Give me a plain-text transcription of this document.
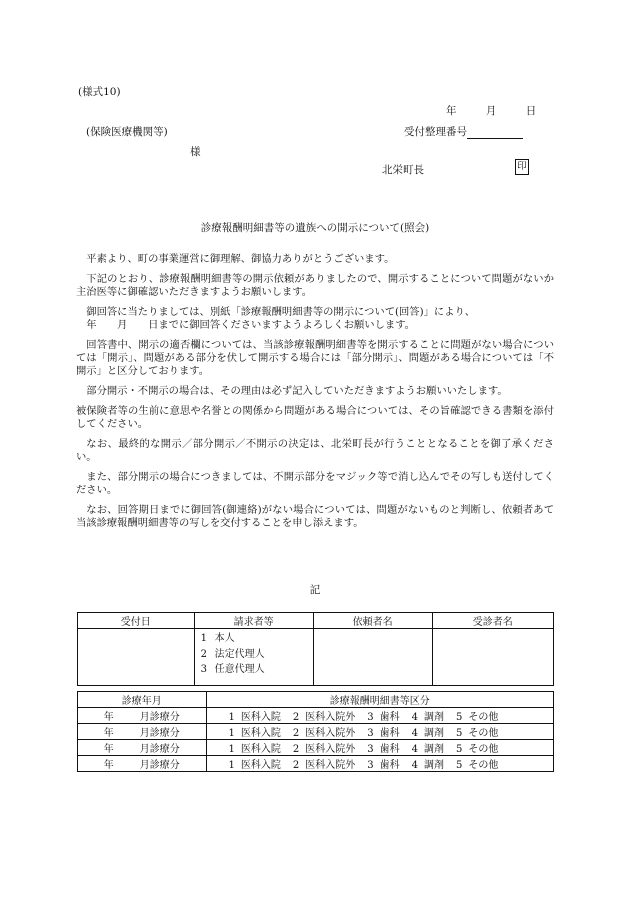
(様式10)
年	月	日
(保険医療機関等)	受付整理番号
様
北栄町長	印
診療報酬明細書等の遺族への開示について(照会)

平素より、町の事業運営に御理解、御協力ありがとうございます。

下記のとおり、診療報酬明細書等の開示依頼がありましたので、開示することについて問題がないか主治医等に御確認いただきますようお願いします。

御回答に当たりましては、別紙「診療報酬明細書等の開示について(回答)」により、

年　　月　　日までに御回答くださいますようよろしくお願いします。

回答書中、開示の適否欄については、当該診療報酬明細書等を開示することに問題がない場合については「開示」、問題がある部分を伏して開示する場合には「部分開示」、問題がある場合については「不開示」と区分しております。

部分開示・不開示の場合は、その理由は必ず記入していただきますようお願いいたします。

被保険者等の生前に意思や名誉との関係から問題がある場合については、その旨確認できる書類を添付してください。

なお、最終的な開示／部分開示／不開示の決定は、北栄町長が行うこととなることを御了承ください。

また、部分開示の場合につきましては、不開示部分をマジック等で消し込んでその写しも送付してください。

なお、回答期日までに御回答(御連絡)がない場合については、問題がないものと判断し、依頼者あて当該診療報酬明細書等の写しを交付することを申し添えます。

記
受付日	請求者等	依頼者名	受診者名

	1 本人
2 法定代理人
3 任意代理人		

診療年月	診療報酬明細書等区分
年 月診療分	1 医科入院 2 医科入院外 3 歯科 4 調剤 5 その他
年 月診療分	1 医科入院 2 医科入院外 3 歯科 4 調剤 5 その他
年 月診療分	1 医科入院 2 医科入院外 3 歯科 4 調剤 5 その他
年 月診療分	1 医科入院 2 医科入院外 3 歯科 4 調剤 5 その他
